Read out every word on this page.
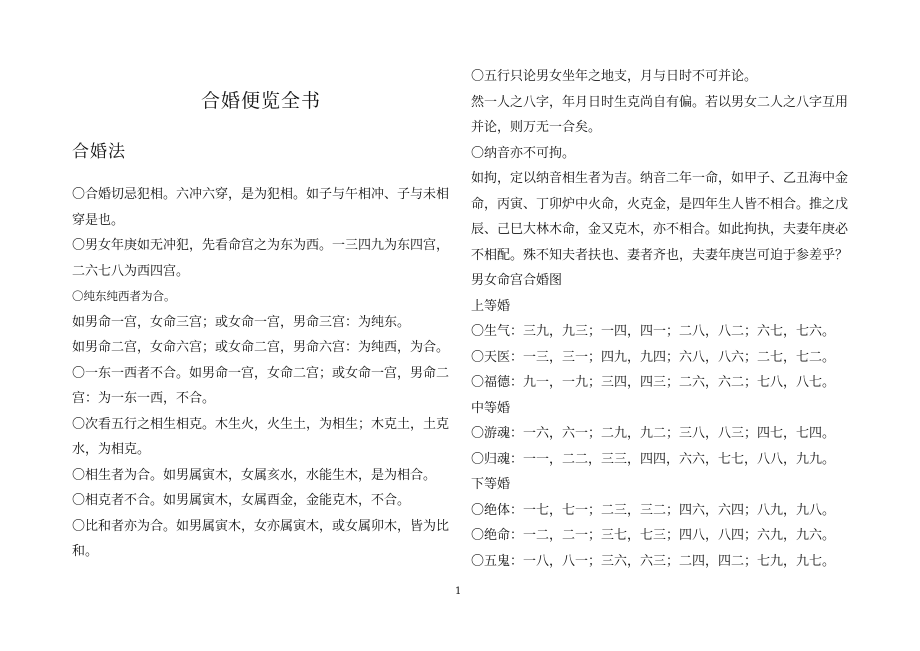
合婚便览全书
合婚法
〇合婚切忌犯相。六冲六穿，是为犯相。如子与午相冲、子与未相
穿是也。
〇男女年庚如无冲犯，先看命宫之为东为西。一三四九为东四宫，
二六七八为西四宫。
〇纯东纯西者为合。
如男命一宫，女命三宫；或女命一宫，男命三宫：为纯东。
如男命二宫，女命六宫；或女命二宫，男命六宫：为纯西，为合。
〇一东一西者不合。如男命一宫，女命二宫；或女命一宫，男命二
宫：为一东一西，不合。
〇次看五行之相生相克。木生火，火生土，为相生；木克土，土克
水，为相克。
〇相生者为合。如男属寅木，女属亥水，水能生木，是为相合。
〇相克者不合。如男属寅木，女属酉金，金能克木，不合。
〇比和者亦为合。如男属寅木，女亦属寅木，或女属卯木，皆为比
和。
〇五行只论男女坐年之地支，月与日时不可并论。
然一人之八字，年月日时生克尚自有偏。若以男女二人之八字互用
并论，则万无一合矣。
〇纳音亦不可拘。
如拘，定以纳音相生者为吉。纳音二年一命，如甲子、乙丑海中金
命，丙寅、丁卯炉中火命，火克金，是四年生人皆不相合。推之戊
辰、己巳大林木命，金又克木，亦不相合。如此拘执，夫妻年庚必
不相配。殊不知夫者扶也、妻者齐也，夫妻年庚岂可迫于参差乎？
男女命宫合婚图
上等婚
〇生气：三九，九三；一四，四一；二八，八二；六七，七六。
〇天医：一三，三一；四九，九四；六八，八六；二七，七二。
〇福德：九一，一九；三四，四三；二六，六二；七八，八七。
中等婚
〇游魂：一六，六一；二九，九二；三八，八三；四七，七四。
〇归魂：一一，二二，三三，四四，六六，七七，八八，九九。
下等婚
〇绝体：一七，七一；二三，三二；四六，六四；八九，九八。
〇绝命：一二，二一；三七，七三；四八，八四；六九，九六。
〇五鬼：一八，八一；三六，六三；二四，四二；七九，九七。
1
